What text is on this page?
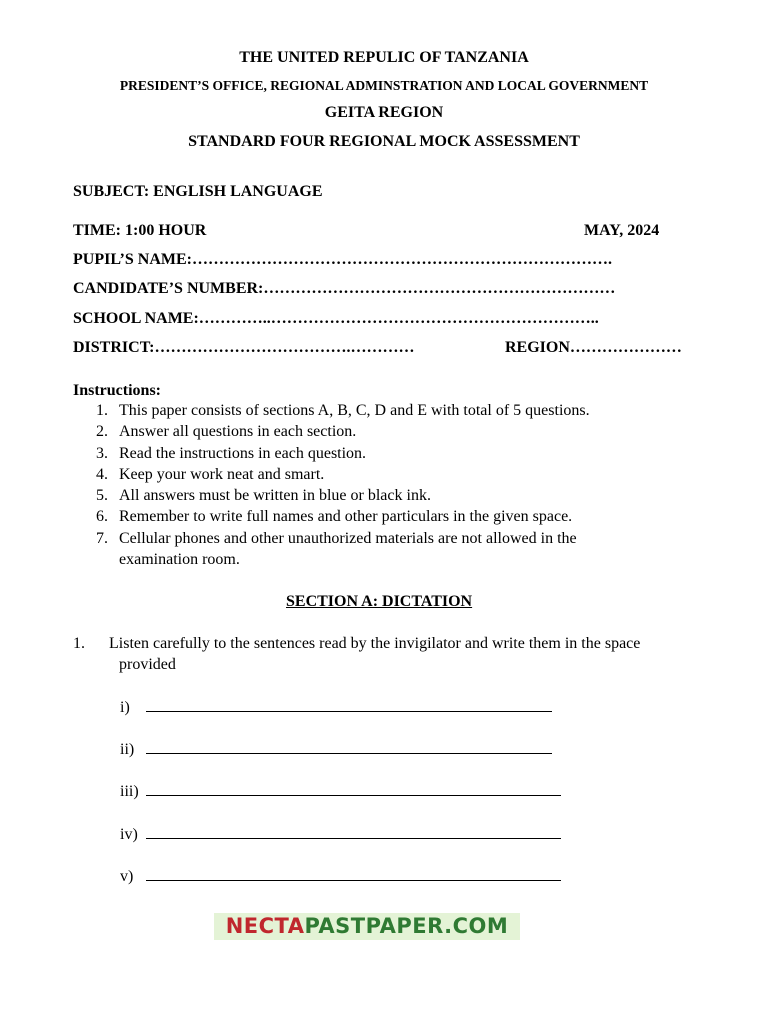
THE UNITED REPULIC OF TANZANIA
PRESIDENT’S OFFICE, REGIONAL ADMINSTRATION AND LOCAL GOVERNMENT
GEITA REGION
STANDARD FOUR REGIONAL MOCK ASSESSMENT
SUBJECT: ENGLISH LANGUAGE
TIME: 1:00 HOUR	MAY, 2024
PUPIL’S NAME:…………………………………………………………………….
CANDIDATE’S NUMBER:…………………………………………………………
SCHOOL NAME:…………..……………………………………………………..
DISTRICT:……………………………….…………	REGION…………………
Instructions:
1. This paper consists of sections A, B, C, D and E with total of 5 questions.
2. Answer all questions in each section.
3. Read the instructions in each question.
4. Keep your work neat and smart.
5. All answers must be written in blue or black ink.
6. Remember to write full names and other particulars in the given space.
7. Cellular phones and other unauthorized materials are not allowed in the examination room.
SECTION A: DICTATION
1. Listen carefully to the sentences read by the invigilator and write them in the space
provided
i)
ii)
iii)
iv)
v)
NECTAPASTPAPER.COM
